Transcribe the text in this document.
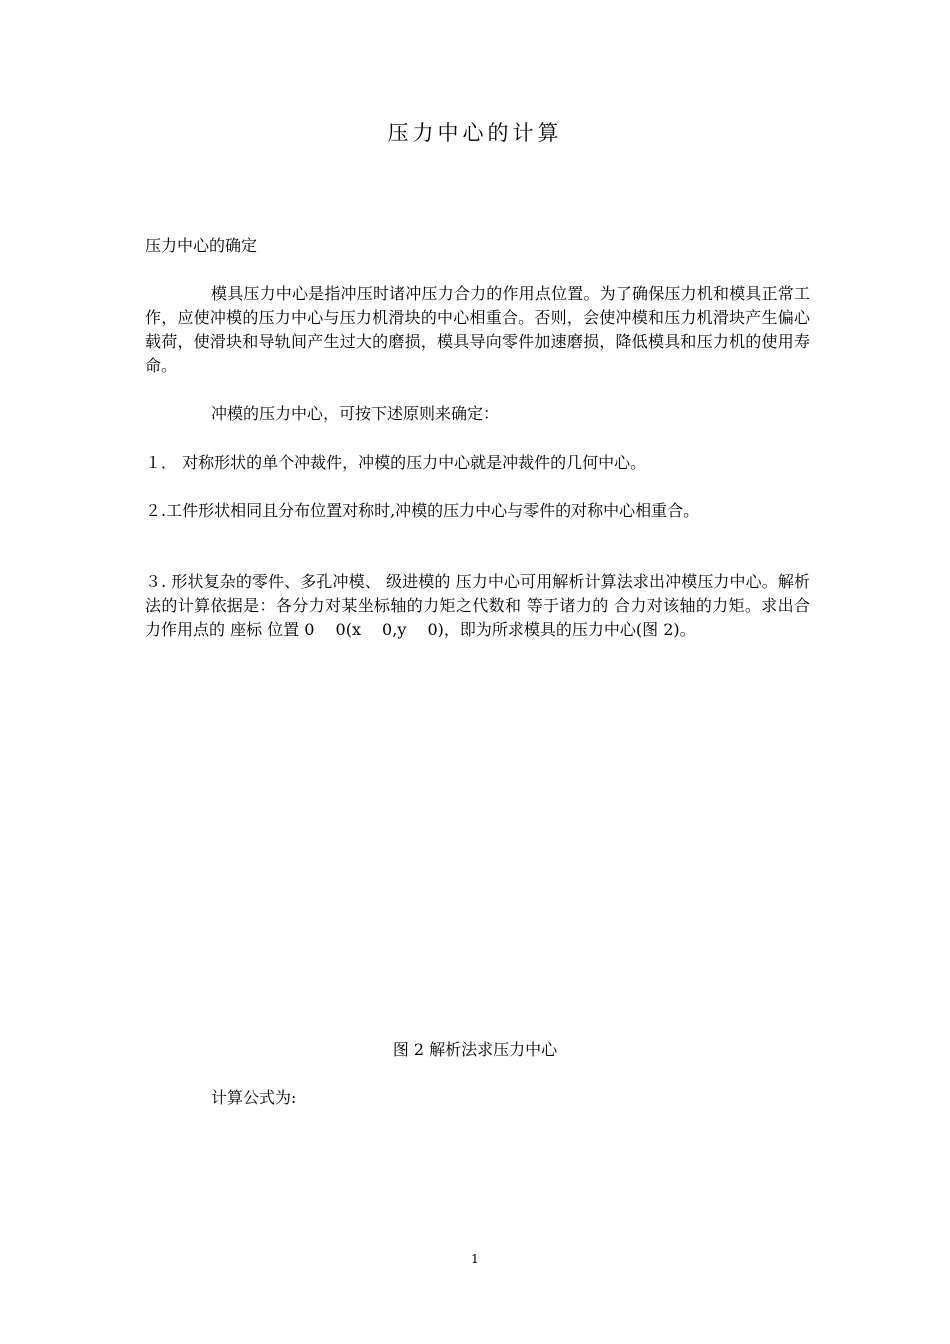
压力中心的计算
压力中心的确定
模具压力中心是指冲压时诸冲压力合力的作用点位置。为了确保压力机和模具正常工作，应使冲模的压力中心与压力机滑块的中心相重合。否则，会使冲模和压力机滑块产生偏心载荷，使滑块和导轨间产生过大的磨损，模具导向零件加速磨损，降低模具和压力机的使用寿命。
冲模的压力中心，可按下述原则来确定：
１． 对称形状的单个冲裁件，冲模的压力中心就是冲裁件的几何中心。
２.工件形状相同且分布位置对称时,冲模的压力中心与零件的对称中心相重合。
３. 形状复杂的零件、多孔冲模、 级进模的 压力中心可用解析计算法求出冲模压力中心。解析法的计算依据是：各分力对某坐标轴的力矩之代数和 等于诸力的 合力对该轴的力矩。求出合力作用点的 座标 位置 0　 0(x　 0,y　 0)，即为所求模具的压力中心(图 2)。
图 2 解析法求压力中心
计算公式为:
1
